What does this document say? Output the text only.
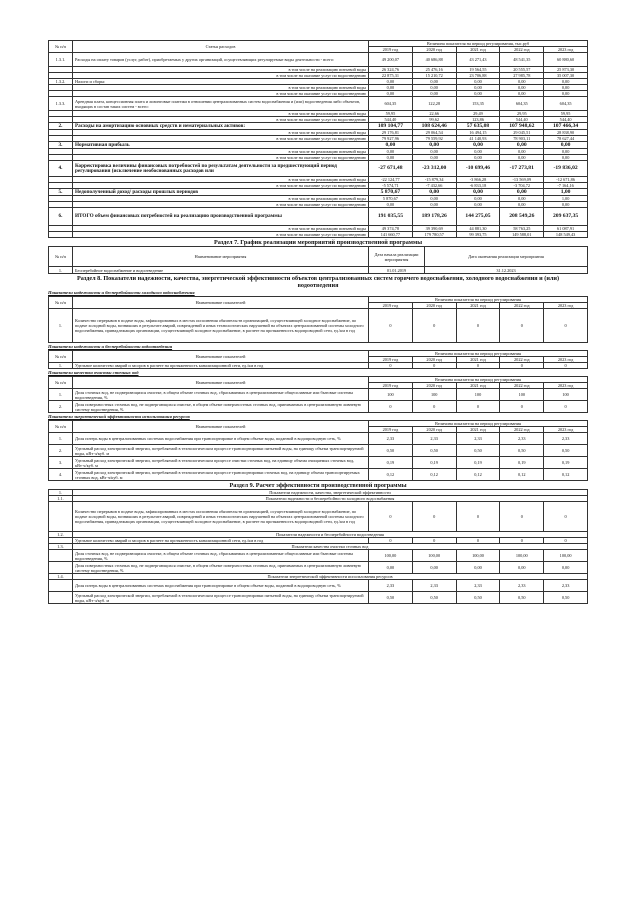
№ п/п	Статья расходов	Величина показателя на период регулирования, тыс.руб				
		2019 год	2020 год	2021 год	2022 год	2023 год
1.3.1.	Расходы на оплату товаров (услуг, работ), приобретаемых у других организаций, осуществляющих регулируемые виды деятельности - всего:	49 200,07	40 686,88	43 271,43	48 541,35	60 880,60
	в том числе на реализацию питьевой воды	26 324,76	25 476,16	19 564,55	20 555,57	25 873,30
	в том числе на оказание услуг по водоотведению	22 875,31	15 210,72	23 706,88	27 985,78	35 007,30
1.3.2.	Налоги и сборы:	0,00	0,00	0,00	0,00	0,00
	в том числе на реализацию питьевой воды	0,00	0,00	0,00	0,00	0,00
	в том числе на оказание услуг по водоотведению	0,00	0,00	0,00	0,00	0,00
1.3.3.	Арендная плата, концессионная плата и лизинговые платежи в отношении централизованных систем водоснабжения и (или) водоотведения либо объектов, входящих в состав таких систем - всего:	604,35	122,28	153,35	604,35	604,35
	в том числе на реализацию питьевой воды	59,95	22,66	29,49	29,95	59,95
	в том числе на оказание услуг по водоотведению	544,40	99,62	123,86	544,40	544,40
2.	Расходы на амортизацию основных средств и нематериальных активов:	109 104,77	108 624,46	57 635,08	107 948,62	107 466,34
	в том числе на реализацию питьевой воды	29 176,81	29 064,54	16 494,15	29 045,51	28 838,90
	в том числе на оказание услуг по водоотведению	79 927,96	79 559,92	41 140,93	78 903,11	78 627,44
3.	Нормативная прибыль	0,00	0,00	0,00	0,00	0,00
	в том числе на реализацию питьевой воды	0,00	0,00	0,00	0,00	0,00
	в том числе на оказание услуг по водоотведению	0,00	0,00	0,00	0,00	0,00
4.	Корректировка величины финансовых потребностей по результатам деятельности за предшествующий период регулирования (исключение необоснованных расходов или	-27 671,48	-23 312,00	-10 699,46	-17 273,81	-19 836,02
	в том числе на реализацию питьевой воды	-22 124,77	-15 879,34	-3 866,28	-13 569,09	-12 671,86
	в том числе на оказание услуг по водоотведению	-5 574,71	-7 432,66	-6 833,18	-3 704,72	-7 164,16
5.	Недополученный доход/ расходы прошлых периодов	5 870,67	0,00	0,00	0,00	1,00
	в том числе на реализацию питьевой воды	5 870,67	0,00	0,00	0,00	1,00
	в том числе на оказание услуг по водоотведению	0,00	0,00	0,00	0,00	0,00
6.	ИТОГО объем финансовых потребностей на реализацию производственной программы	191 035,55	189 178,26	144 275,05	208 549,26	209 637,35
	в том числе на реализацию питьевой воды	49 374,78	39 390,69	44 881,30	58 763,25	61 087,91
	в том числе на оказание услуг по водоотведению	141 660,77	179 780,57	99 393,75	149 588,01	148 549,43
Раздел 7. График реализации мероприятий производственной программы
№ п/п	Наименование мероприятия	Дата начала реализации мероприятия	Дата окончания реализации мероприятия
1.	Бесперебойное водоснабжение и водоотведение	01.01.2019	31.12.2023
Раздел 8. Показатели надежности, качества, энергетической эффективности объектов централизованных систем горячего водоснабжения, холодного водоснабжения и (или) водоотведения
Показатели надежности и бесперебойности холодного водоснабжения
№ п/п	Наименование показателей	Величина показателя на период регулирования				
		2019 год	2020 год	2021 год	2022 год	2023 год
1.	Количество перерывов в подаче воды, зафиксированных в местах исполнения обязательств организацией, осуществляющей холодное водоснабжение, по подаче холодной воды, возникших в результате аварий, повреждений и иных технологических нарушений на объектах централизованной системы холодного водоснабжения, принадлежащих организации, осуществляющей холодное водоснабжение, в расчете на протяженность водопроводной сети, ед./км в год	0	0	0	0	0
Показатели надежности и бесперебойности водоотведения
№ п/п	Наименование показателей	Величина показателя на период регулирования				
		2019 год	2020 год	2021 год	2022 год	2023 год
1.	Удельное количество аварий и засоров в расчете на протяженность канализационной сети, ед./км в год	0	0	0	0	0
Показатели качества очистки сточных вод
№ п/п	Наименование показателей	Величина показателя на период регулирования				
		2019 год	2020 год	2021 год	2022 год	2023 год
1.	Доля сточных вод, не подвергающихся очистке, в общем объеме сточных вод, сбрасываемых в централизованные общесплавные или бытовые системы водоотведения, %	100	100	100	100	100
2.	Доля поверхностных сточных вод, не подвергающихся очистке, в общем объеме поверхностных сточных вод, принимаемых в централизованную ливневую систему водоотведения, %	0	0	0	0	0
Показатели энергетической эффективности использования ресурсов
№ п/п	Наименование показателей	Величина показателя на период регулирования				
		2019 год	2020 год	2021 год	2022 год	2023 год
1.	Доля потерь воды в централизованных системах водоснабжения при транспортировке в общем объеме воды, поданной в водопроводную сеть, %	2,33	2,33	2,33	2,33	2,33
2.	Удельный расход электрической энергии, потребляемой в технологическом процессе транспортировки питьевой воды, на единицу объема транспортируемой воды, кВт·ч/куб. м	0,50	0,50	0,50	0,50	0,50
3.	Удельный расход электрической энергии, потребляемой в технологическом процессе очистки сточных вод, на единицу объема очищаемых сточных вод, кВт·ч/куб. м	0,19	0,19	0,19	0,19	0,19
4.	Удельный расход электрической энергии, потребляемой в технологическом процессе транспортировки сточных вод, на единицу объема транспортируемых сточных вод, кВт·ч/куб. м	0,12	0,12	0,12	0,12	0,12
Раздел 9. Расчет эффективности производственной программы
1.	Показатели надежности, качества, энергетической эффективности					
1.1.	Показатели надежности и бесперебойности холодного водоснабжения					
	Количество перерывов в подаче воды, зафиксированных в местах исполнения обязательств организацией, осуществляющей холодное водоснабжение, по подаче холодной воды, возникших в результате аварий, повреждений и иных технологических нарушений на объектах централизованной системы холодного водоснабжения, принадлежащих организации, осуществляющей холодное водоснабжение, в расчете на протяженность водопроводной сети, ед./км в год	0	0	0	0	0
1.2.	Показатели надежности и бесперебойности водоотведения					
	Удельное количество аварий и засоров в расчете на протяженность канализационной сети, ед./км в год	0	0	0	0	0
1.3.	Показатели качества очистки сточных вод					
	Доля сточных вод, не подвергающихся очистке, в общем объеме сточных вод, сбрасываемых в централизованные общесплавные или бытовые системы водоотведения, %	100,00	100,00	100,00	100,00	100,00
	Доля поверхностных сточных вод, не подвергающихся очистке, в общем объеме поверхностных сточных вод, принимаемых в централизованную ливневую систему водоотведения, %	0,00	0,00	0,00	0,00	0,00
1.4.	Показатели энергетической эффективности использования ресурсов					
	Доля потерь воды в централизованных системах водоснабжения при транспортировке в общем объеме воды, поданной в водопроводную сеть, %	2,33	2,33	2,33	2,33	2,33
	Удельный расход электрической энергии, потребляемой в технологическом процессе транспортировки питьевой воды, на единицу объема транспортируемой воды, кВт·ч/куб. м	0,50	0,50	0,50	0,50	0,50
